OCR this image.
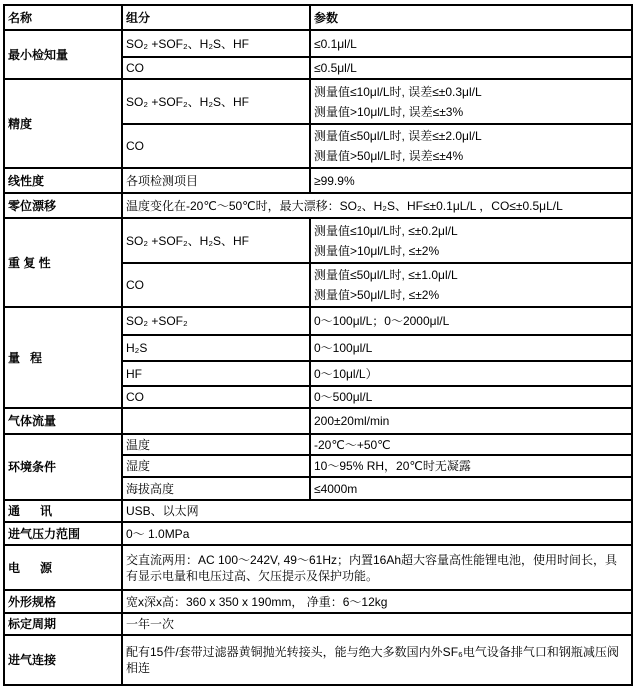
名称	组分	参数
最小检知量	SO₂ +SOF₂、H₂S、HF	≤0.1μl/L
	CO	≤0.5μl/L
精度	SO₂ +SOF₂、H₂S、HF	测量值≤10μl/L时, 误差≤±0.3μl/L
测量值>10μl/L时, 误差≤±3%

	CO	测量值≤50μl/L时, 误差≤±2.0μl/L
测量值>50μl/L时, 误差≤±4%

线性度	各项检测项目	≥99.9%
零位漂移	温度变化在-20℃～50℃时，最大漂移：SO₂、H₂S、HF≤±0.1μL/L ，CO≤±0.5μL/L	
重 复 性	SO₂ +SOF₂、H₂S、HF	测量值≤10μl/L时, ≤±0.2μl/L
测量值>10μl/L时, ≤±2%

	CO	测量值≤50μl/L时, ≤±1.0μl/L
测量值>50μl/L时, ≤±2%

量   程	SO₂ +SOF₂	0～100μl/L；0～2000μl/L
	H₂S	0～100μl/L
	HF	0～10μl/L）
	CO	0～500μl/L
气体流量		200±20ml/min
环境条件	温度	-20℃～+50℃
	湿度	10～95% RH，20℃时无凝露
	海拔高度	≤4000m
通      讯	USB、以太网	
进气压力范围	0～ 1.0MPa	
电      源	交直流两用：AC 100～242V, 49～61Hz；内置16Ah超大容量高性能锂电池，使用时间长，具有显示电量和电压过高、欠压提示及保护功能。	
外形规格	宽x深x高：360 x 350 x 190mm， 净重：6～12kg	
标定周期	一年一次	
进气连接	配有15件/套带过滤器黄铜抛光转接头，能与绝大多数国内外SF₆电气设备排气口和钢瓶减压阀相连	
